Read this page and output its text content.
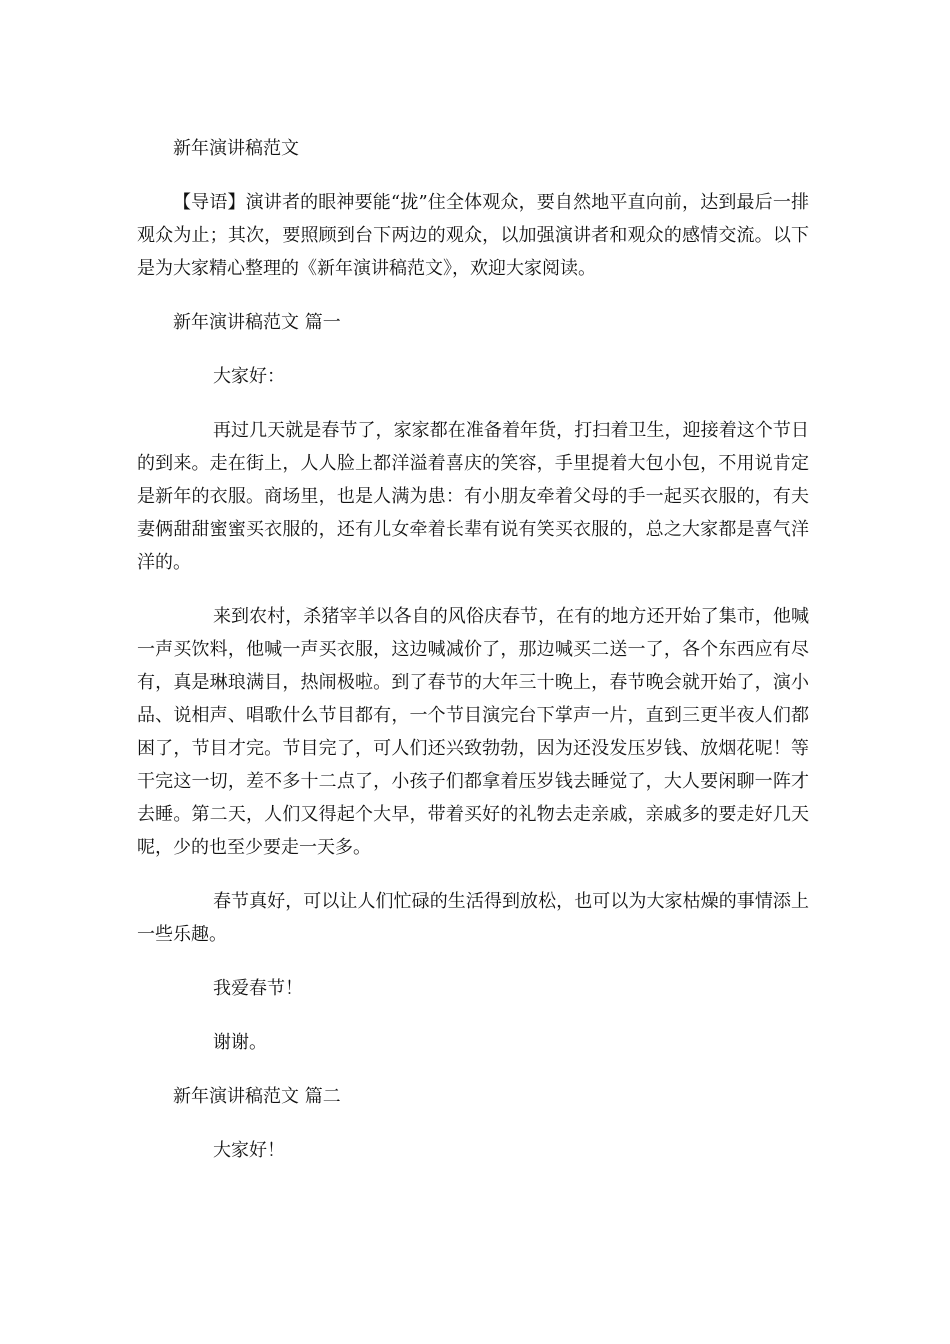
新年演讲稿范文

【导语】演讲者的眼神要能“拢”住全体观众，要自然地平直向前，达到最后一排观众为止；其次，要照顾到台下两边的观众，以加强演讲者和观众的感情交流。以下是为大家精心整理的《新年演讲稿范文》，欢迎大家阅读。

新年演讲稿范文 篇一

大家好：

再过几天就是春节了，家家都在准备着年货，打扫着卫生，迎接着这个节日的到来。走在街上，人人脸上都洋溢着喜庆的笑容，手里提着大包小包，不用说肯定是新年的衣服。商场里，也是人满为患：有小朋友牵着父母的手一起买衣服的，有夫妻俩甜甜蜜蜜买衣服的，还有儿女牵着长辈有说有笑买衣服的，总之大家都是喜气洋洋的。

来到农村，杀猪宰羊以各自的风俗庆春节，在有的地方还开始了集市，他喊一声买饮料，他喊一声买衣服，这边喊减价了，那边喊买二送一了，各个东西应有尽有，真是琳琅满目，热闹极啦。到了春节的大年三十晚上，春节晚会就开始了，演小品、说相声、唱歌什么节目都有，一个节目演完台下掌声一片，直到三更半夜人们都困了，节目才完。节目完了，可人们还兴致勃勃，因为还没发压岁钱、放烟花呢！等干完这一切，差不多十二点了，小孩子们都拿着压岁钱去睡觉了，大人要闲聊一阵才去睡。第二天，人们又得起个大早，带着买好的礼物去走亲戚，亲戚多的要走好几天呢，少的也至少要走一天多。

春节真好，可以让人们忙碌的生活得到放松，也可以为大家枯燥的事情添上一些乐趣。

我爱春节！

谢谢。

新年演讲稿范文 篇二

大家好！
